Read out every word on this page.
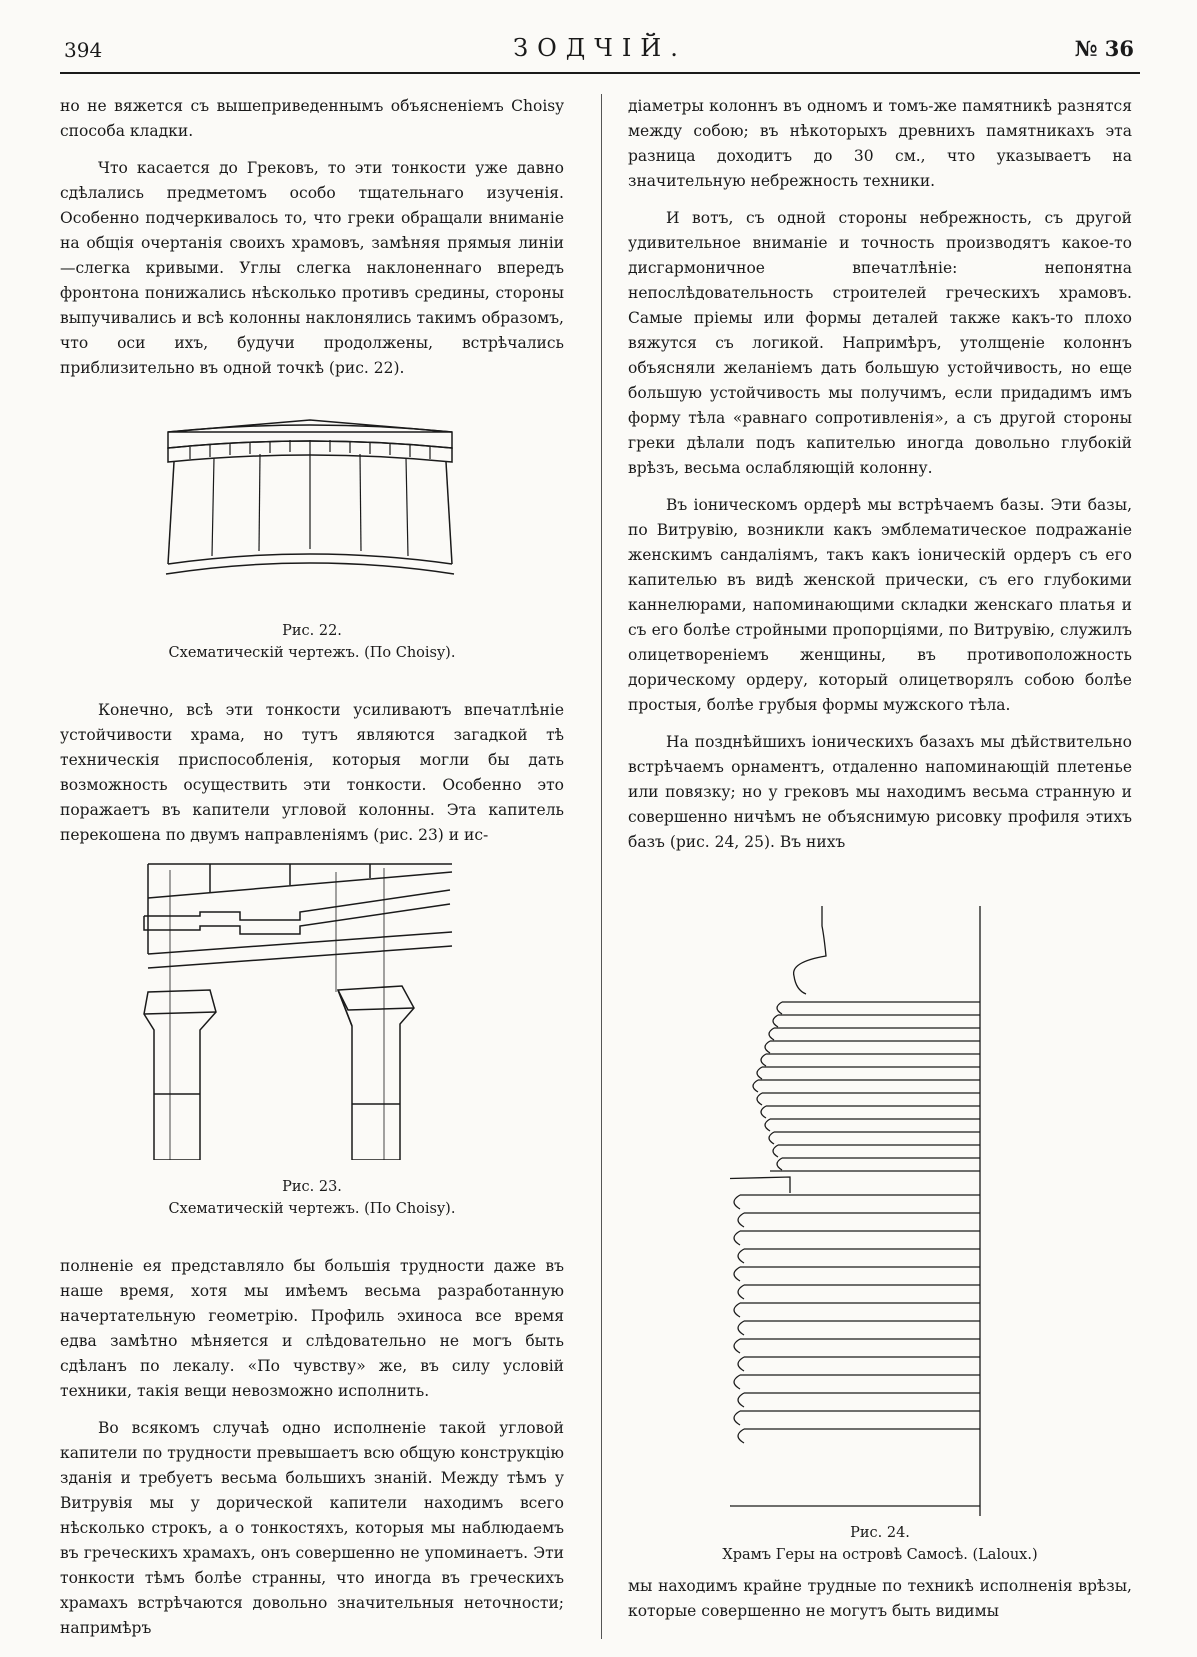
394	ЗОДЧІЙ.	№ 36

но не вяжется съ вышеприведеннымъ объясненіемъ Choisy способа кладки.

Что касается до Грековъ, то эти тонкости уже давно сдѣлались предметомъ особо тщательнаго изученія. Особенно подчеркивалось то, что греки обращали вниманіе на общія очертанія своихъ храмовъ, замѣняя прямыя линіи—слегка кривыми. Углы слегка наклоненнаго впередъ фронтона понижались нѣсколько противъ средины, стороны выпучивались и всѣ колонны наклонялись такимъ образомъ, что оси ихъ, будучи продолжены, встрѣчались приблизительно въ одной точкѣ (рис. 22).

Рис. 22.
Схематическій чертежъ. (По Choisy).

Конечно, всѣ эти тонкости усиливаютъ впечатлѣніе устойчивости храма, но тутъ являются загадкой тѣ техническія приспособленія, которыя могли бы дать возможность осуществить эти тонкости. Особенно это поражаетъ въ капители угловой колонны. Эта капитель перекошена по двумъ направленіямъ (рис. 23) и ис-

Рис. 23.
Схематическій чертежъ. (По Choisy).

полненіе ея представляло бы большія трудности даже въ наше время, хотя мы имѣемъ весьма разработанную начертательную геометрію. Профиль эхиноса все время едва замѣтно мѣняется и слѣдовательно не могъ быть сдѣланъ по лекалу. «По чувству» же, въ силу условій техники, такія вещи невозможно исполнить.

Во всякомъ случаѣ одно исполненіе такой угловой капители по трудности превышаетъ всю общую конструкцію зданія и требуетъ весьма большихъ знаній. Между тѣмъ у Витрувія мы у дорической капители находимъ всего нѣсколько строкъ, а о тонкостяхъ, которыя мы наблюдаемъ въ греческихъ храмахъ, онъ совершенно не упоминаетъ. Эти тонкости тѣмъ болѣе странны, что иногда въ греческихъ храмахъ встрѣчаются довольно значительныя неточности; напримѣръ

діаметры колоннъ въ одномъ и томъ-же памятникѣ разнятся между собою; въ нѣкоторыхъ древнихъ памятникахъ эта разница доходитъ до 30 см., что указываетъ на значительную небрежность техники.

И вотъ, съ одной стороны небрежность, съ другой удивительное вниманіе и точность производятъ какое-то дисгармоничное впечатлѣніе: непонятна непослѣдовательность строителей греческихъ храмовъ. Самые пріемы или формы деталей также какъ-то плохо вяжутся съ логикой. Напримѣръ, утолщеніе колоннъ объясняли желаніемъ дать большую устойчивость, но еще большую устойчивость мы получимъ, если придадимъ имъ форму тѣла «равнаго сопротивленія», а съ другой стороны греки дѣлали подъ капителью иногда довольно глубокій врѣзъ, весьма ослабляющій колонну.

Въ іоническомъ ордерѣ мы встрѣчаемъ базы. Эти базы, по Витрувію, возникли какъ эмблематическое подражаніе женскимъ сандаліямъ, такъ какъ іоническій ордеръ съ его капителью въ видѣ женской прически, съ его глубокими каннелюрами, напоминающими складки женскаго платья и съ его болѣе стройными пропорціями, по Витрувію, служилъ олицетвореніемъ женщины, въ противоположность дорическому ордеру, который олицетворялъ собою болѣе простыя, болѣе грубыя формы мужского тѣла.

На позднѣйшихъ іоническихъ базахъ мы дѣйствительно встрѣчаемъ орнаментъ, отдаленно напоминающій плетенье или повязку; но у грековъ мы находимъ весьма странную и совершенно ничѣмъ не объяснимую рисовку профиля этихъ базъ (рис. 24, 25). Въ нихъ

Рис. 24.
Храмъ Геры на островѣ Самосѣ. (Laloux.)

мы находимъ крайне трудные по техникѣ исполненія врѣзы, которые совершенно не могутъ быть видимы
